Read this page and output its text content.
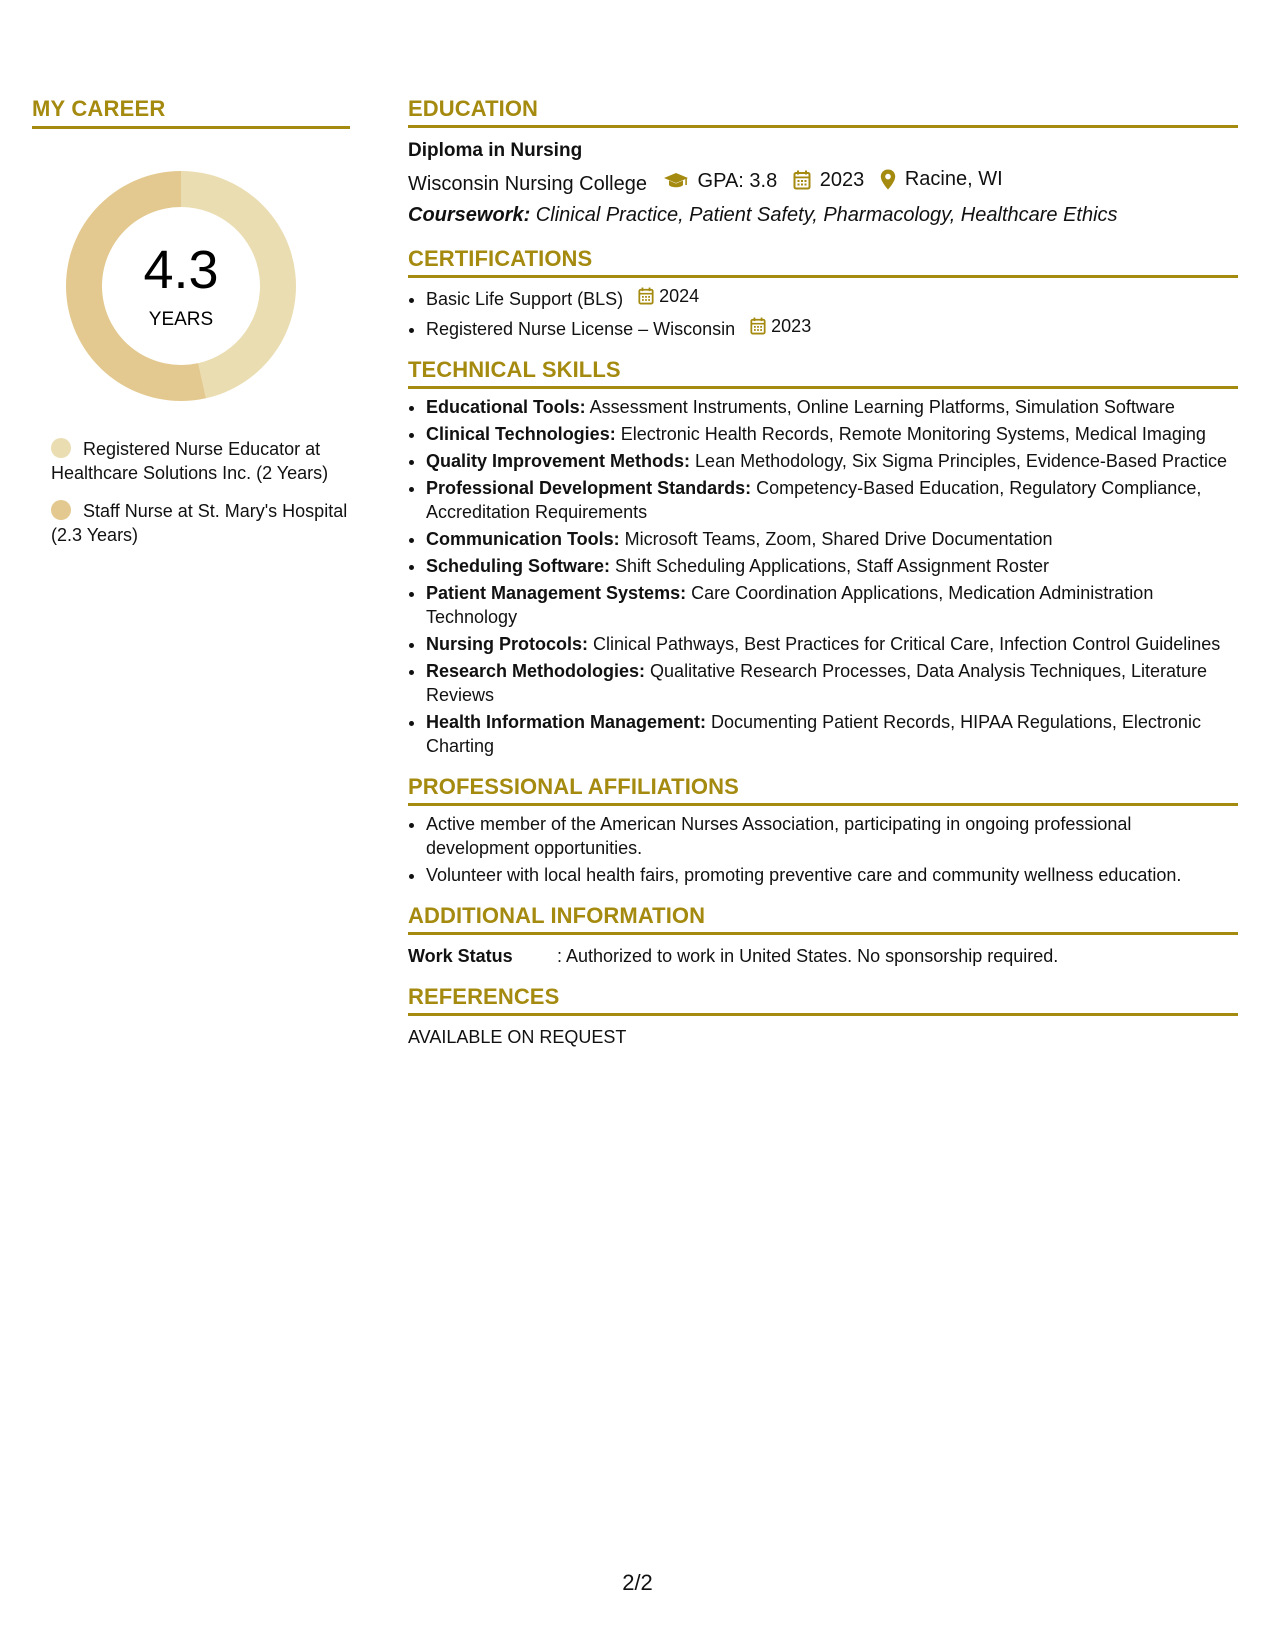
MY CAREER
4.3
YEARS
Registered Nurse Educator at Healthcare Solutions Inc. (2 Years)
Staff Nurse at St. Mary's Hospital (2.3 Years)
EDUCATION
Diploma in Nursing
Wisconsin Nursing College	GPA: 3.8
2023
Racine, WI
Coursework: Clinical Practice, Patient Safety, Pharmacology, Healthcare Ethics
CERTIFICATIONS
• Basic Life Support (BLS) 2024
• Registered Nurse License – Wisconsin 2023
TECHNICAL SKILLS
• Educational Tools: Assessment Instruments, Online Learning Platforms, Simulation Software
• Clinical Technologies: Electronic Health Records, Remote Monitoring Systems, Medical Imaging
• Quality Improvement Methods: Lean Methodology, Six Sigma Principles, Evidence-Based Practice
• Professional Development Standards: Competency-Based Education, Regulatory Compliance, Accreditation Requirements
• Communication Tools: Microsoft Teams, Zoom, Shared Drive Documentation
• Scheduling Software: Shift Scheduling Applications, Staff Assignment Roster
• Patient Management Systems: Care Coordination Applications, Medication Administration Technology
• Nursing Protocols: Clinical Pathways, Best Practices for Critical Care, Infection Control Guidelines
• Research Methodologies: Qualitative Research Processes, Data Analysis Techniques, Literature Reviews
• Health Information Management: Documenting Patient Records, HIPAA Regulations, Electronic Charting
PROFESSIONAL AFFILIATIONS
• Active member of the American Nurses Association, participating in ongoing professional development opportunities.
• Volunteer with local health fairs, promoting preventive care and community wellness education.
ADDITIONAL INFORMATION
Work Status	: Authorized to work in United States. No sponsorship required.
REFERENCES
AVAILABLE ON REQUEST
2/2
